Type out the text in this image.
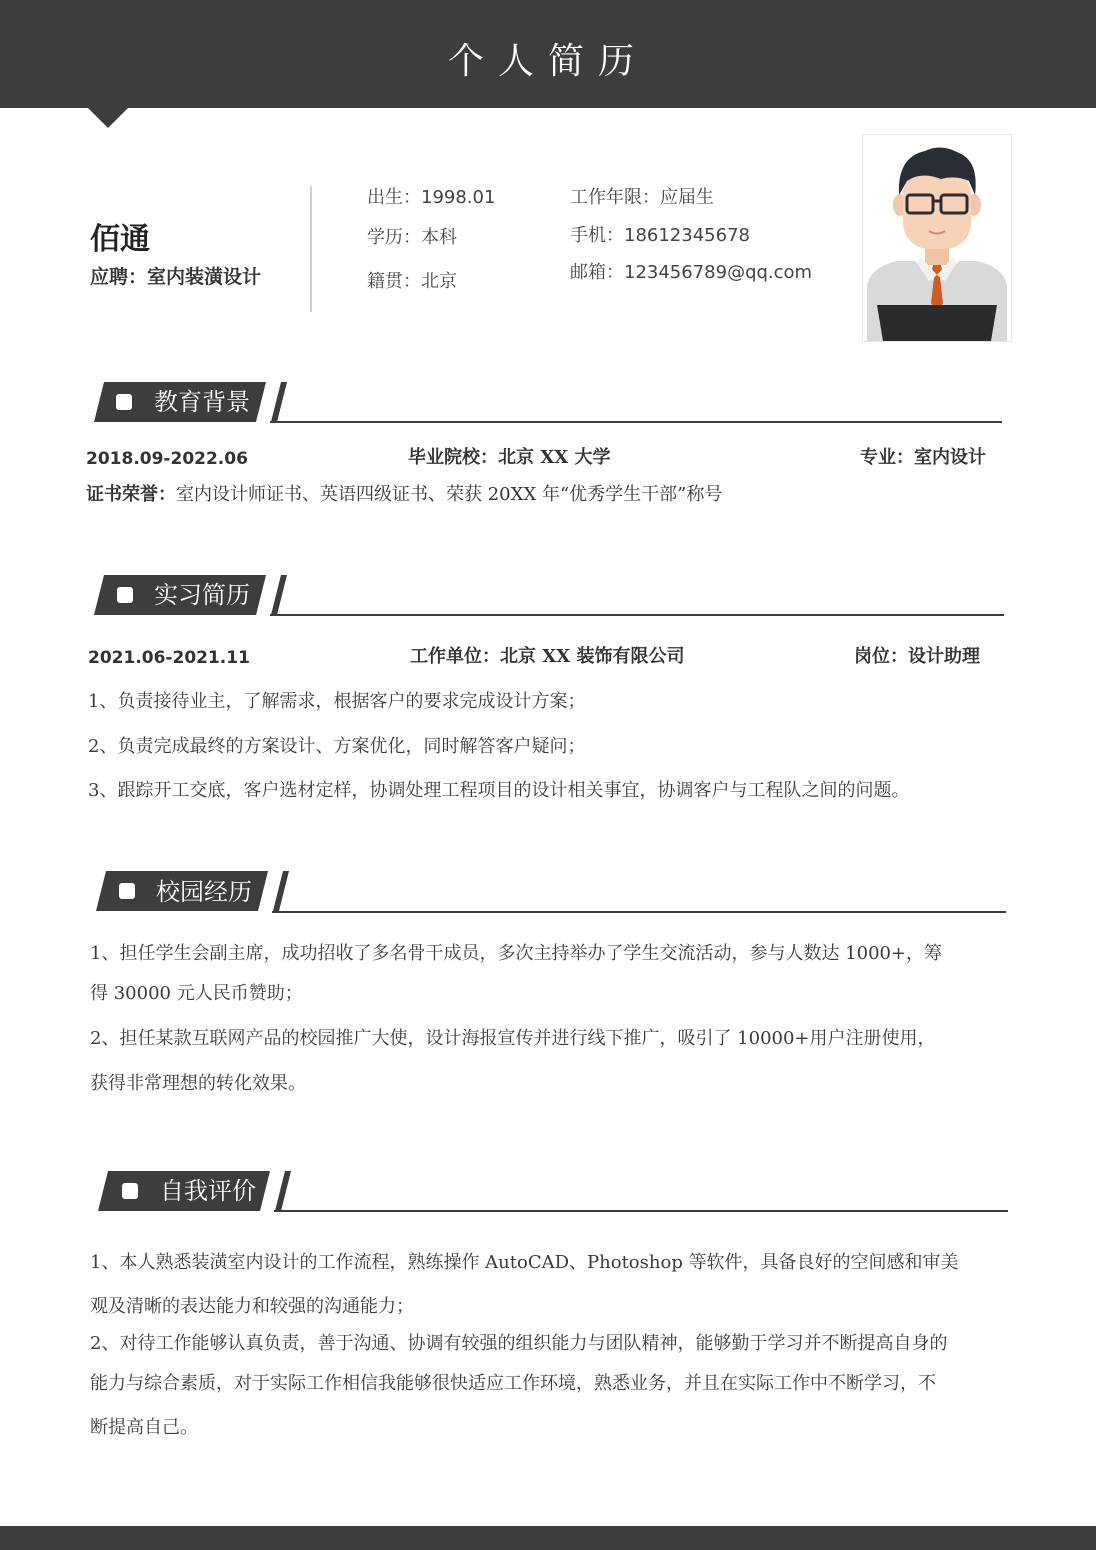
个人简历
佰通
应聘：室内装潢设计
出生：1998.01
学历：本科
籍贯：北京
工作年限：应届生
手机：18612345678
邮箱：123456789@qq.com
教育背景
2018.09-2022.06	毕业院校：北京 XX 大学	专业：室内设计
证书荣誉：室内设计师证书、英语四级证书、荣获 20XX 年“优秀学生干部”称号
实习简历
2021.06-2021.11	工作单位：北京 XX 装饰有限公司	岗位：设计助理
1、负责接待业主，了解需求，根据客户的要求完成设计方案；
2、负责完成最终的方案设计、方案优化，同时解答客户疑问；
3、跟踪开工交底，客户选材定样，协调处理工程项目的设计相关事宜，协调客户与工程队之间的问题。
校园经历
1、担任学生会副主席，成功招收了多名骨干成员，多次主持举办了学生交流活动，参与人数达 1000+，筹
得 30000 元人民币赞助；
2、担任某款互联网产品的校园推广大使，设计海报宣传并进行线下推广，吸引了 10000+用户注册使用，
获得非常理想的转化效果。
自我评价
1、本人熟悉装潢室内设计的工作流程，熟练操作 AutoCAD、Photoshop 等软件，具备良好的空间感和审美
观及清晰的表达能力和较强的沟通能力；
2、对待工作能够认真负责，善于沟通、协调有较强的组织能力与团队精神，能够勤于学习并不断提高自身的
能力与综合素质，对于实际工作相信我能够很快适应工作环境，熟悉业务，并且在实际工作中不断学习，不
断提高自己。
